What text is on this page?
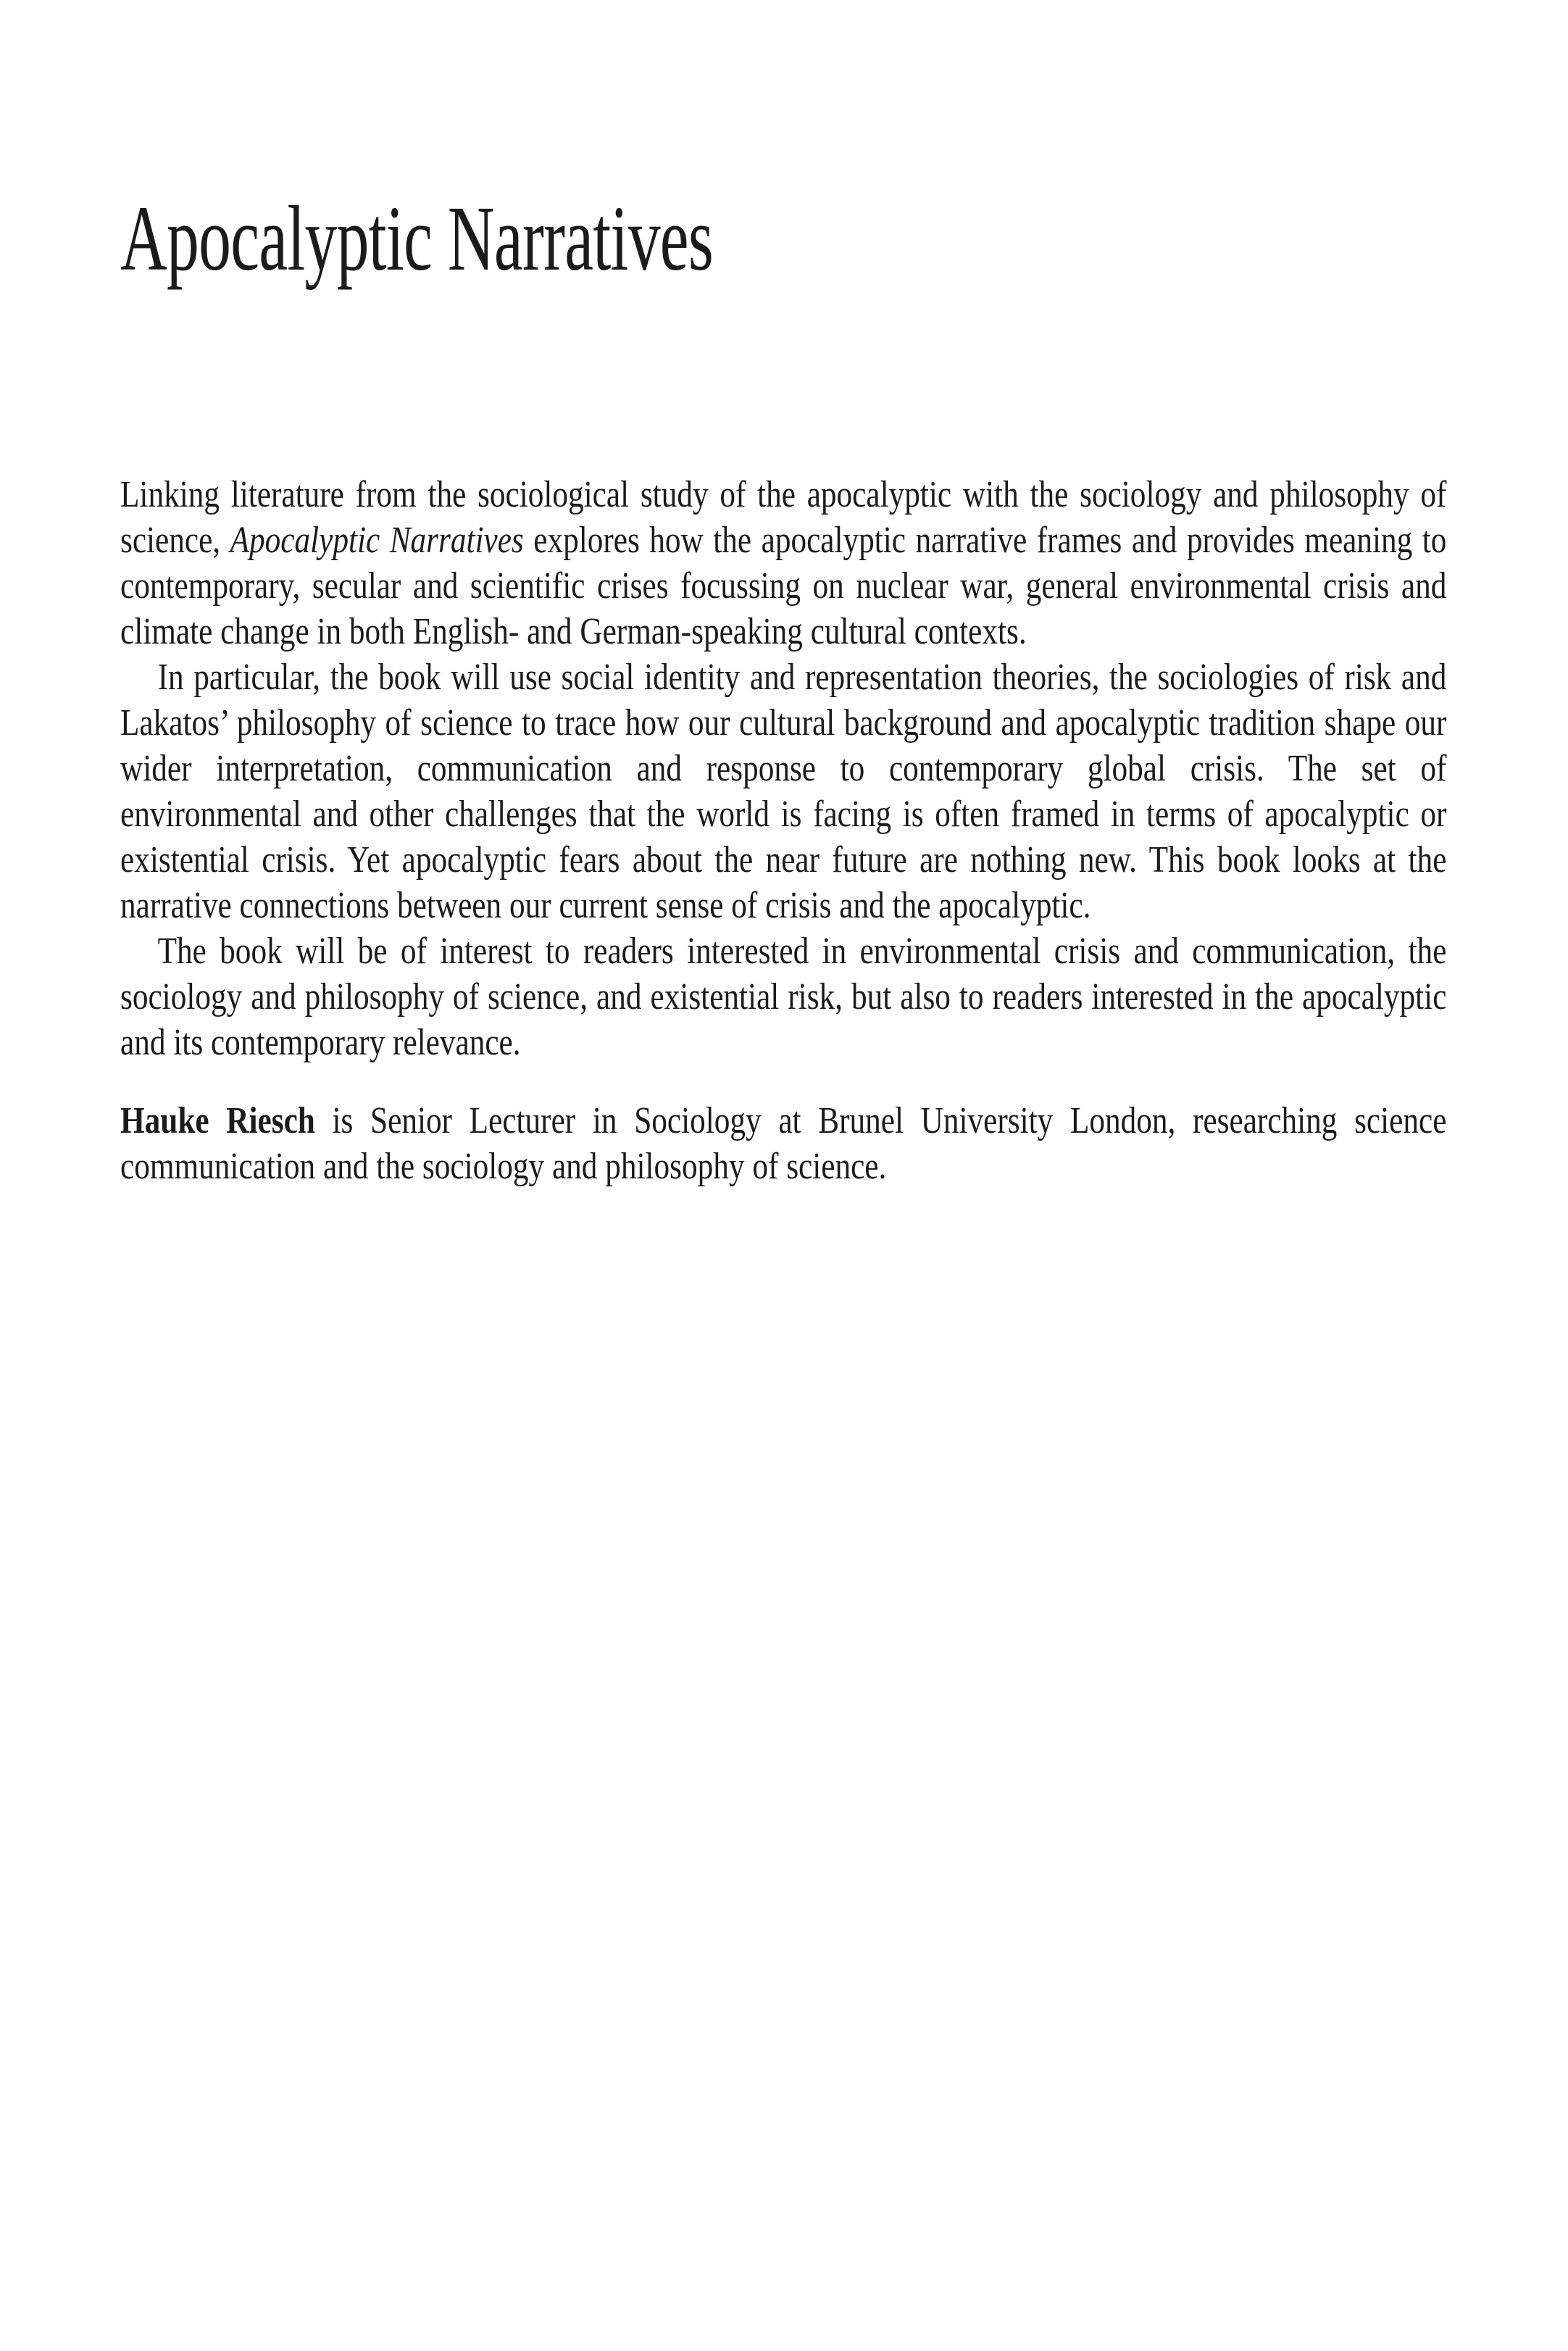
Apocalyptic Narratives

Linking literature from the sociological study of the apocalyptic with the sociology and philosophy of science, Apocalyptic Narratives explores how the apocalyptic narrative frames and provides meaning to contemporary, secular and scientific crises focussing on nuclear war, general environmental crisis and climate change in both English- and German-speaking cultural contexts.

In particular, the book will use social identity and representation theories, the sociologies of risk and Lakatos’ philosophy of science to trace how our cultural background and apocalyptic tradition shape our wider interpretation, communication and response to contemporary global crisis. The set of environmental and other challenges that the world is facing is often framed in terms of apocalyptic or existential crisis. Yet apocalyptic fears about the near future are nothing new. This book looks at the narrative connections between our current sense of crisis and the apocalyptic.

The book will be of interest to readers interested in environmental crisis and communication, the sociology and philosophy of science, and existential risk, but also to readers interested in the apocalyptic and its contemporary relevance.

Hauke Riesch is Senior Lecturer in Sociology at Brunel University London, researching science communication and the sociology and philosophy of science.
